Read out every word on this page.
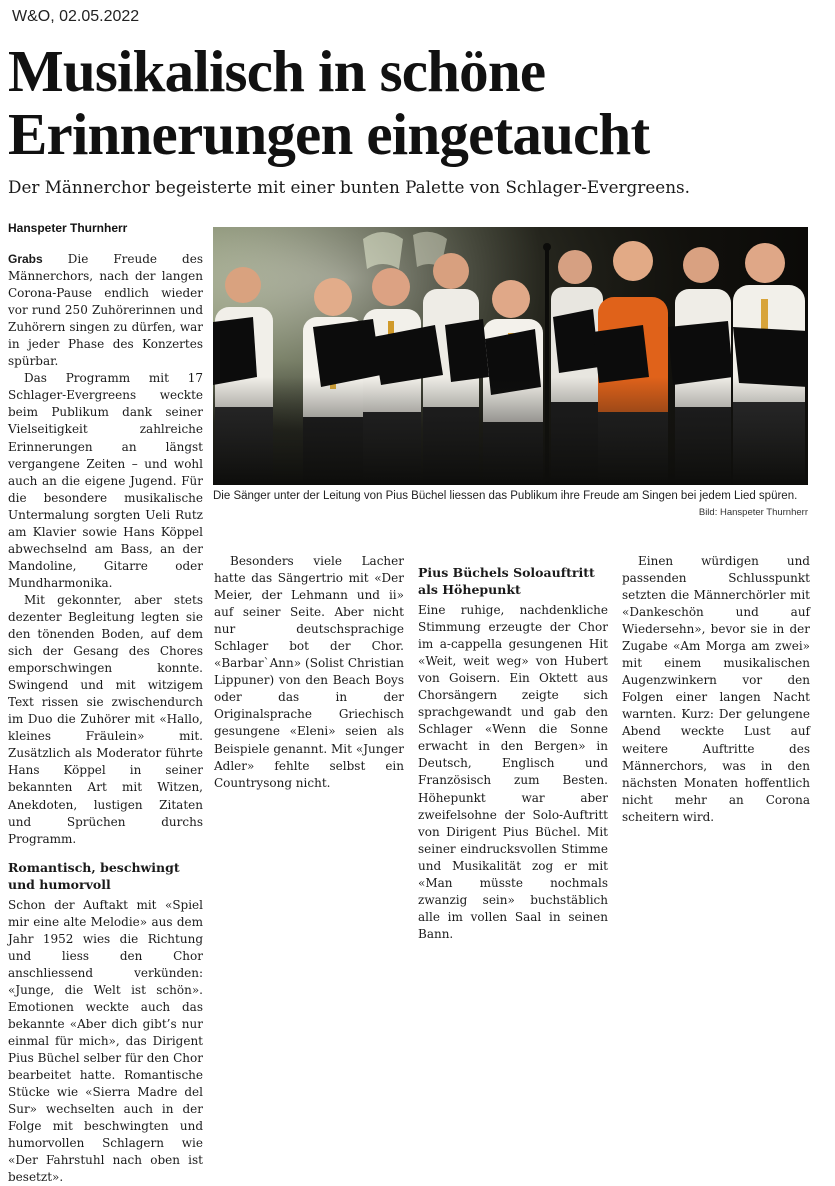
W&O, 02.05.2022
Musikalisch in schöne
Erinnerungen eingetaucht

Der Männerchor begeisterte mit einer bunten Palette von Schlager-Evergreens.

Hanspeter Thurnherr
Die Sänger unter der Leitung von Pius Büchel liessen das Publikum ihre Freude am Singen bei jedem Lied spüren.
Bild: Hanspeter Thurnherr

Grabs Die Freude des Männerchors, nach der langen Corona-Pause endlich wieder vor rund 250 Zuhörerinnen und Zuhörern singen zu dürfen, war in jeder Phase des Konzertes spürbar.

Das Programm mit 17 Schlager-Evergreens weckte beim Publikum dank seiner Vielseitigkeit zahlreiche Erinnerungen an längst vergangene Zeiten – und wohl auch an die eigene Jugend. Für die besondere musikalische Untermalung sorgten Ueli Rutz am Klavier sowie Hans Köppel abwechselnd am Bass, an der Mandoline, Gitarre oder Mundharmonika.

Mit gekonnter, aber stets dezenter Begleitung legten sie den tönenden Boden, auf dem sich der Gesang des Chores emporschwingen konnte. Swingend und mit witzigem Text rissen sie zwischendurch im Duo die Zuhörer mit «Hallo, kleines Fräulein» mit. Zusätzlich als Moderator führte Hans Köppel in seiner bekannten Art mit Witzen, Anekdoten, lustigen Zitaten und Sprüchen durchs Programm.

Romantisch, beschwingt und humorvoll

Schon der Auftakt mit «Spiel mir eine alte Melodie» aus dem Jahr 1952 wies die Richtung und liess den Chor anschliessend verkünden: «Junge, die Welt ist schön». Emotionen weckte auch das bekannte «Aber dich gibt’s nur einmal für mich», das Dirigent Pius Büchel selber für den Chor bearbeitet hatte. Romantische Stücke wie «Sierra Madre del Sur» wechselten auch in der Folge mit beschwingten und humorvollen Schlagern wie «Der Fahrstuhl nach oben ist besetzt».

Besonders viele Lacher hatte das Sängertrio mit «Der Meier, der Lehmann und ii» auf seiner Seite. Aber nicht nur deutschsprachige Schlager bot der Chor. «Barbar`Ann» (Solist Christian Lippuner) von den Beach Boys oder das in der Originalsprache Griechisch gesungene «Eleni» seien als Beispiele genannt. Mit «Junger Adler» fehlte selbst ein Countrysong nicht.

Pius Büchels Soloauftritt als Höhepunkt

Eine ruhige, nachdenkliche Stimmung erzeugte der Chor im a-cappella gesungenen Hit «Weit, weit weg» von Hubert von Goisern. Ein Oktett aus Chorsängern zeigte sich sprachgewandt und gab den Schlager «Wenn die Sonne erwacht in den Bergen» in Deutsch, Englisch und Französisch zum Besten. Höhepunkt war aber zweifelsohne der Solo-Auftritt von Dirigent Pius Büchel. Mit seiner eindrucksvollen Stimme und Musikalität zog er mit «Man müsste nochmals zwanzig sein» buchstäblich alle im vollen Saal in seinen Bann.

Einen würdigen und passenden Schlusspunkt setzten die Männerchörler mit «Dankeschön und auf Wiedersehn», bevor sie in der Zugabe «Am Morga am zwei» mit einem musikalischen Augenzwinkern vor den Folgen einer langen Nacht warnten. Kurz: Der gelungene Abend weckte Lust auf weitere Auftritte des Männerchors, was in den nächsten Monaten hoffentlich nicht mehr an Corona scheitern wird.
